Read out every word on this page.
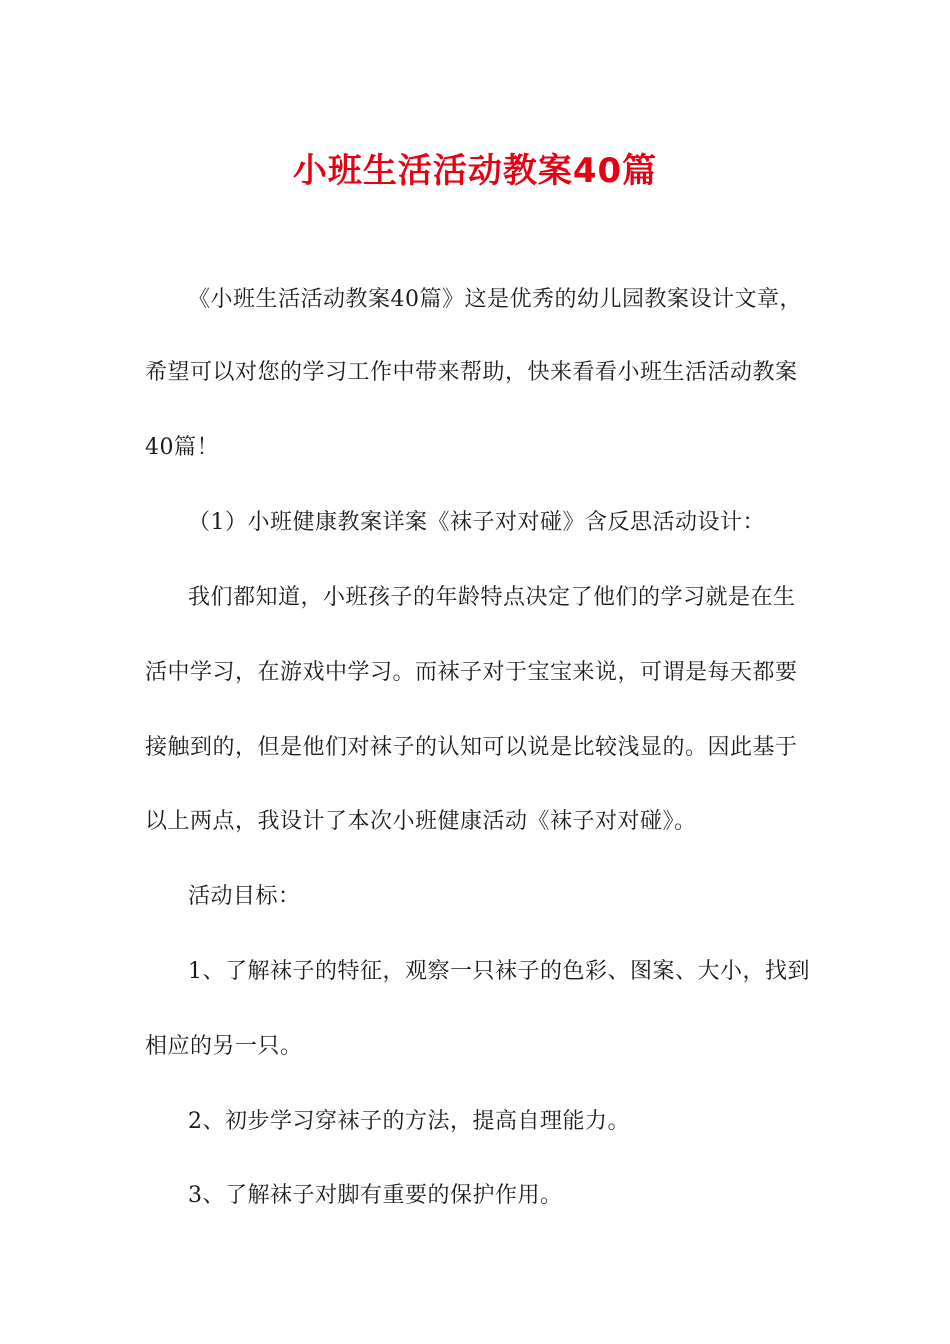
小班生活活动教案40篇

《小班生活活动教案40篇》这是优秀的幼儿园教案设计文章，

希望可以对您的学习工作中带来帮助，快来看看小班生活活动教案

40篇！

（1）小班健康教案详案《袜子对对碰》含反思活动设计：

我们都知道，小班孩子的年龄特点决定了他们的学习就是在生

活中学习，在游戏中学习。而袜子对于宝宝来说，可谓是每天都要

接触到的，但是他们对袜子的认知可以说是比较浅显的。因此基于

以上两点，我设计了本次小班健康活动《袜子对对碰》。

活动目标：

1、了解袜子的特征，观察一只袜子的色彩、图案、大小，找到

相应的另一只。

2、初步学习穿袜子的方法，提高自理能力。

3、了解袜子对脚有重要的保护作用。
